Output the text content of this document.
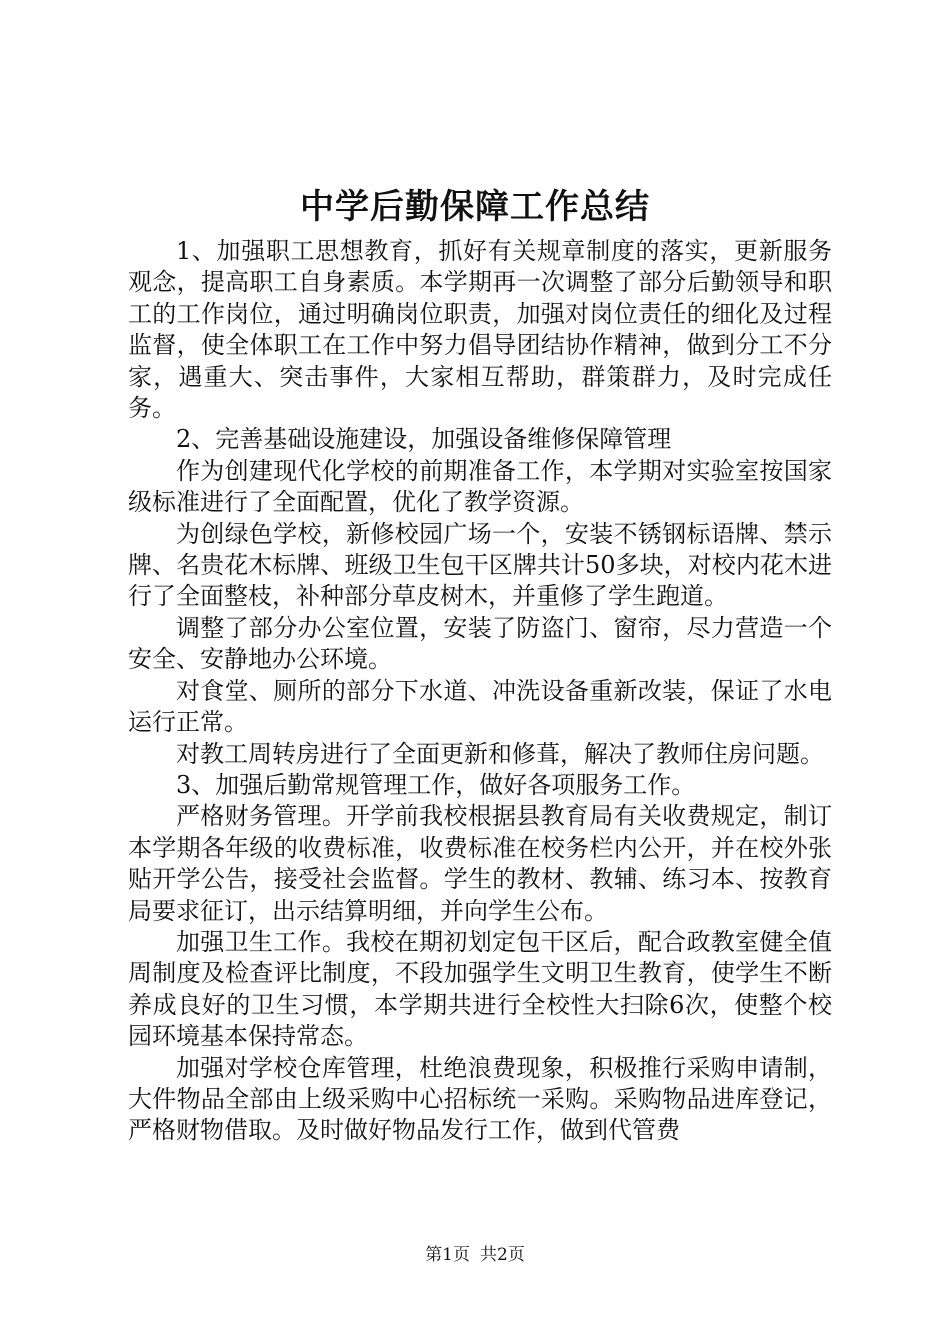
中学后勤保障工作总结

1、加强职工思想教育，抓好有关规章制度的落实，更新服务观念，提高职工自身素质。本学期再一次调整了部分后勤领导和职工的工作岗位，通过明确岗位职责，加强对岗位责任的细化及过程监督，使全体职工在工作中努力倡导团结协作精神，做到分工不分家，遇重大、突击事件，大家相互帮助，群策群力，及时完成任务。

2、完善基础设施建设，加强设备维修保障管理

作为创建现代化学校的前期准备工作，本学期对实验室按国家级标准进行了全面配置，优化了教学资源。

为创绿色学校，新修校园广场一个，安装不锈钢标语牌、禁示牌、名贵花木标牌、班级卫生包干区牌共计50多块，对校内花木进行了全面整枝，补种部分草皮树木，并重修了学生跑道。

调整了部分办公室位置，安装了防盗门、窗帘，尽力营造一个安全、安静地办公环境。

对食堂、厕所的部分下水道、冲洗设备重新改装，保证了水电运行正常。

对教工周转房进行了全面更新和修葺，解决了教师住房问题。

3、加强后勤常规管理工作，做好各项服务工作。

严格财务管理。开学前我校根据县教育局有关收费规定，制订本学期各年级的收费标准，收费标准在校务栏内公开，并在校外张贴开学公告，接受社会监督。学生的教材、教辅、练习本、按教育局要求征订，出示结算明细，并向学生公布。

加强卫生工作。我校在期初划定包干区后，配合政教室健全值周制度及检查评比制度，不段加强学生文明卫生教育，使学生不断养成良好的卫生习惯，本学期共进行全校性大扫除6次，使整个校园环境基本保持常态。

加强对学校仓库管理，杜绝浪费现象，积极推行采购申请制，大件物品全部由上级采购中心招标统一采购。采购物品进库登记，严格财物借取。及时做好物品发行工作，做到代管费

第1页 共2页
